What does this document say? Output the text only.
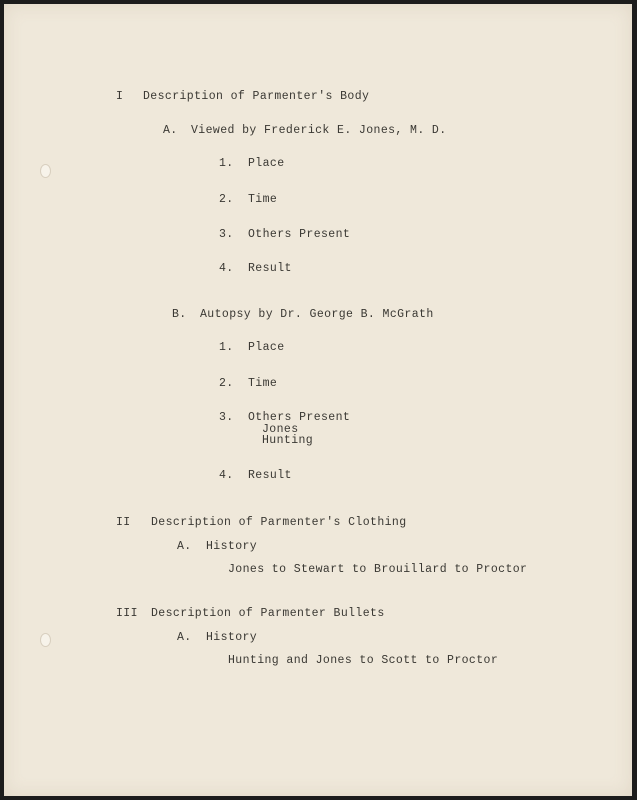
I Description of Parmenter's Body
A. Viewed by Frederick E. Jones, M. D.
1. Place
2. Time
3. Others Present
4. Result
B. Autopsy by Dr. George B. McGrath
1. Place
2. Time
3. Others Present
Jones
Hunting
4. Result
II Description of Parmenter's Clothing
A. History
Jones to Stewart to Brouillard to Proctor
III Description of Parmenter Bullets
A. History
Hunting and Jones to Scott to Proctor
